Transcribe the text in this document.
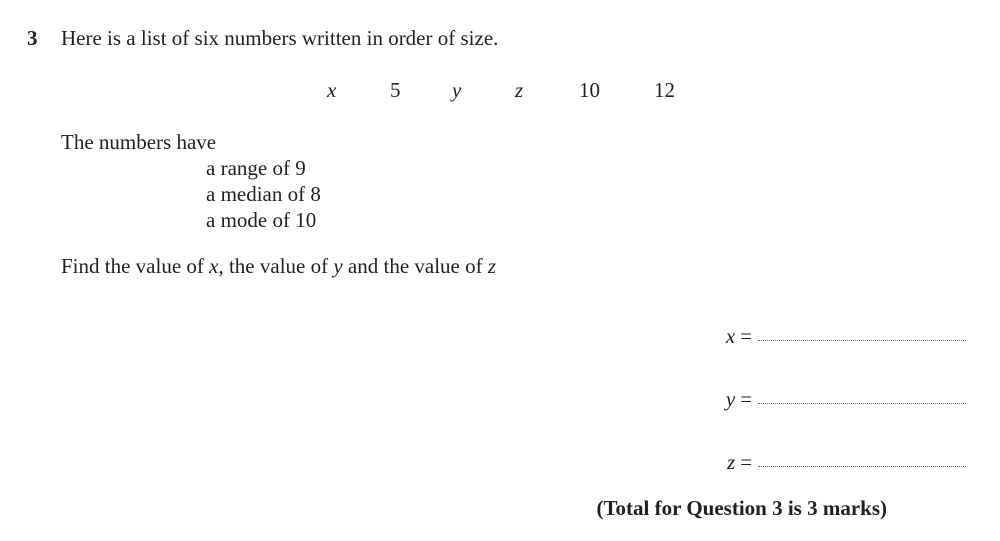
3 Here is a list of six numbers written in order of size.
x	5 y	z	10	12
The numbers have
a range of 9
a median of 8
a mode of 10
Find the value of x, the value of y and the value of z
x =
y =
z =
(Total for Question 3 is 3 marks)
